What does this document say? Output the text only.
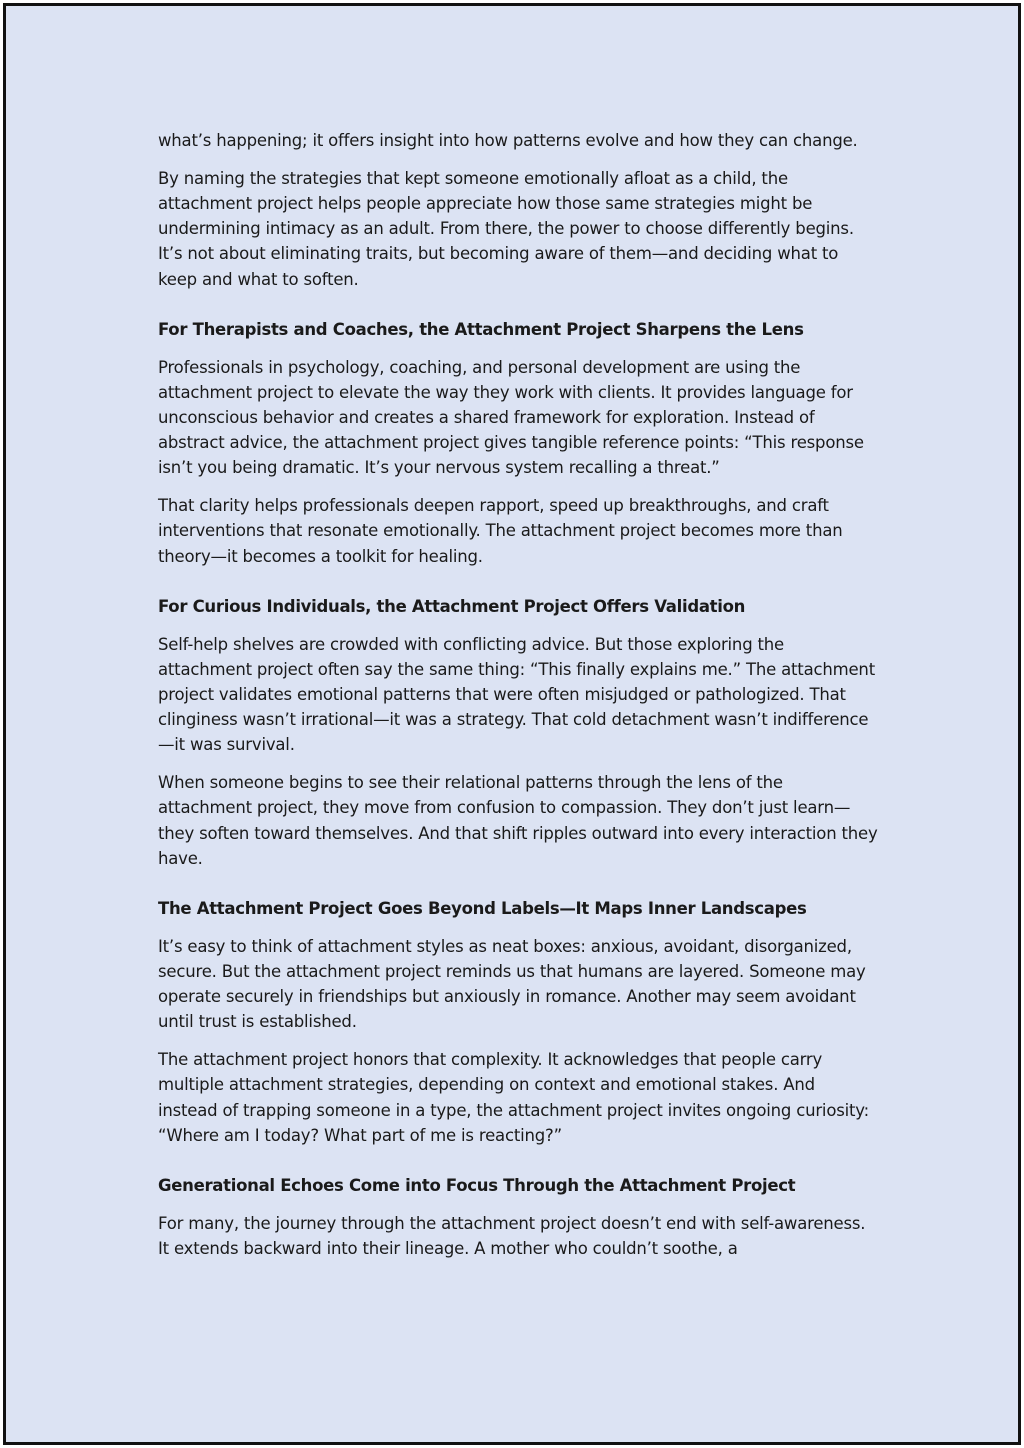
what’s happening; it offers insight into how patterns evolve and how they can change.

By naming the strategies that kept someone emotionally afloat as a child, the attachment project helps people appreciate how those same strategies might be undermining intimacy as an adult. From there, the power to choose differently begins. It’s not about eliminating traits, but becoming aware of them—and deciding what to keep and what to soften.

For Therapists and Coaches, the Attachment Project Sharpens the Lens

Professionals in psychology, coaching, and personal development are using the attachment project to elevate the way they work with clients. It provides language for unconscious behavior and creates a shared framework for exploration. Instead of abstract advice, the attachment project gives tangible reference points: “This response isn’t you being dramatic. It’s your nervous system recalling a threat.”

That clarity helps professionals deepen rapport, speed up breakthroughs, and craft interventions that resonate emotionally. The attachment project becomes more than theory—it becomes a toolkit for healing.

For Curious Individuals, the Attachment Project Offers Validation

Self-help shelves are crowded with conflicting advice. But those exploring the attachment project often say the same thing: “This finally explains me.” The attachment project validates emotional patterns that were often misjudged or pathologized. That clinginess wasn’t irrational—it was a strategy. That cold detachment wasn’t indifference—it was survival.

When someone begins to see their relational patterns through the lens of the attachment project, they move from confusion to compassion. They don’t just learn—they soften toward themselves. And that shift ripples outward into every interaction they have.

The Attachment Project Goes Beyond Labels—It Maps Inner Landscapes

It’s easy to think of attachment styles as neat boxes: anxious, avoidant, disorganized, secure. But the attachment project reminds us that humans are layered. Someone may operate securely in friendships but anxiously in romance. Another may seem avoidant until trust is established.

The attachment project honors that complexity. It acknowledges that people carry multiple attachment strategies, depending on context and emotional stakes. And instead of trapping someone in a type, the attachment project invites ongoing curiosity: “Where am I today? What part of me is reacting?”

Generational Echoes Come into Focus Through the Attachment Project

For many, the journey through the attachment project doesn’t end with self-awareness. It extends backward into their lineage. A mother who couldn’t soothe, a
